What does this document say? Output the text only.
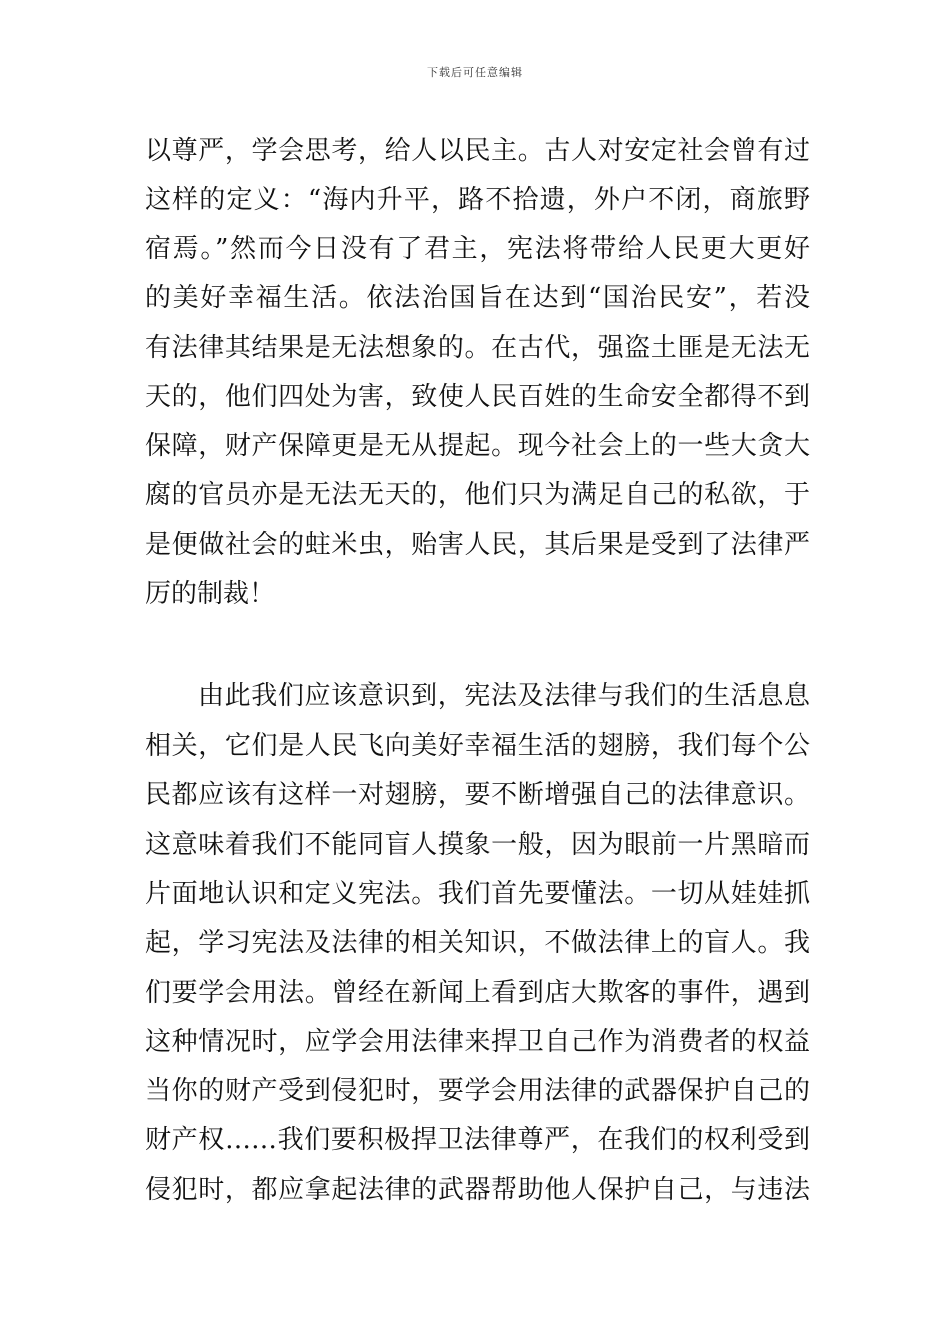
下载后可任意编辑
以尊严，学会思考，给人以民主。古人对安定社会曾有过
这样的定义：“海内升平，路不拾遗，外户不闭，商旅野
宿焉。”然而今日没有了君主，宪法将带给人民更大更好
的美好幸福生活。依法治国旨在达到“国治民安”，若没
有法律其结果是无法想象的。在古代，强盗土匪是无法无
天的，他们四处为害，致使人民百姓的生命安全都得不到
保障，财产保障更是无从提起。现今社会上的一些大贪大
腐的官员亦是无法无天的，他们只为满足自己的私欲，于
是便做社会的蛀米虫，贻害人民，其后果是受到了法律严
厉的制裁！
由此我们应该意识到，宪法及法律与我们的生活息息
相关，它们是人民飞向美好幸福生活的翅膀，我们每个公
民都应该有这样一对翅膀，要不断增强自己的法律意识。
这意味着我们不能同盲人摸象一般，因为眼前一片黑暗而
片面地认识和定义宪法。我们首先要懂法。一切从娃娃抓
起，学习宪法及法律的相关知识，不做法律上的盲人。我
们要学会用法。曾经在新闻上看到店大欺客的事件，遇到
这种情况时，应学会用法律来捍卫自己作为消费者的权益
当你的财产受到侵犯时，要学会用法律的武器保护自己的
财产权……我们要积极捍卫法律尊严，在我们的权利受到
侵犯时，都应拿起法律的武器帮助他人保护自己，与违法
